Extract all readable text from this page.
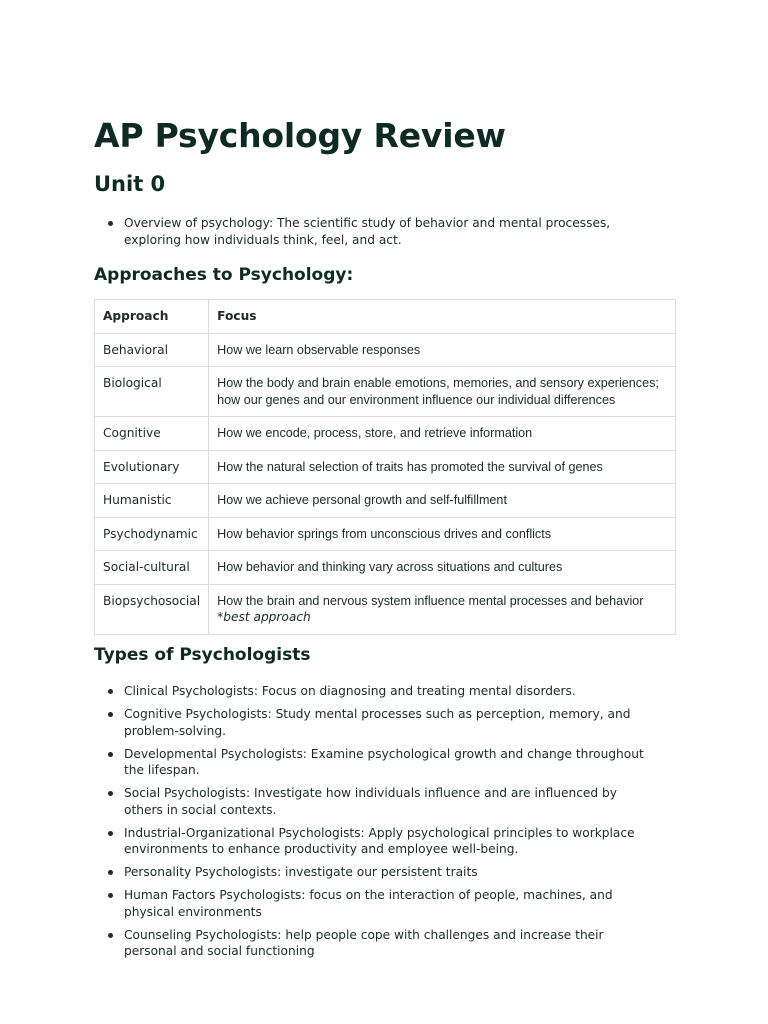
AP Psychology Review
Unit 0
Overview of psychology: The scientific study of behavior and mental processes, exploring how individuals think, feel, and act.
Approaches to Psychology:
Approach	Focus
Behavioral	How we learn observable responses
Biological	How the body and brain enable emotions, memories, and sensory experiences; how our genes and our environment influence our individual differences
Cognitive	How we encode, process, store, and retrieve information
Evolutionary	How the natural selection of traits has promoted the survival of genes
Humanistic	How we achieve personal growth and self-fulfillment
Psychodynamic	How behavior springs from unconscious drives and conflicts
Social-cultural	How behavior and thinking vary across situations and cultures
Biopsychosocial	How the brain and nervous system influence mental processes and behavior
*best approach
Types of Psychologists
Clinical Psychologists: Focus on diagnosing and treating mental disorders.
Cognitive Psychologists: Study mental processes such as perception, memory, and problem-solving.
Developmental Psychologists: Examine psychological growth and change throughout the lifespan.
Social Psychologists: Investigate how individuals influence and are influenced by others in social contexts.
Industrial-Organizational Psychologists: Apply psychological principles to workplace environments to enhance productivity and employee well-being.
Personality Psychologists: investigate our persistent traits
Human Factors Psychologists: focus on the interaction of people, machines, and physical environments
Counseling Psychologists: help people cope with challenges and increase their personal and social functioning
